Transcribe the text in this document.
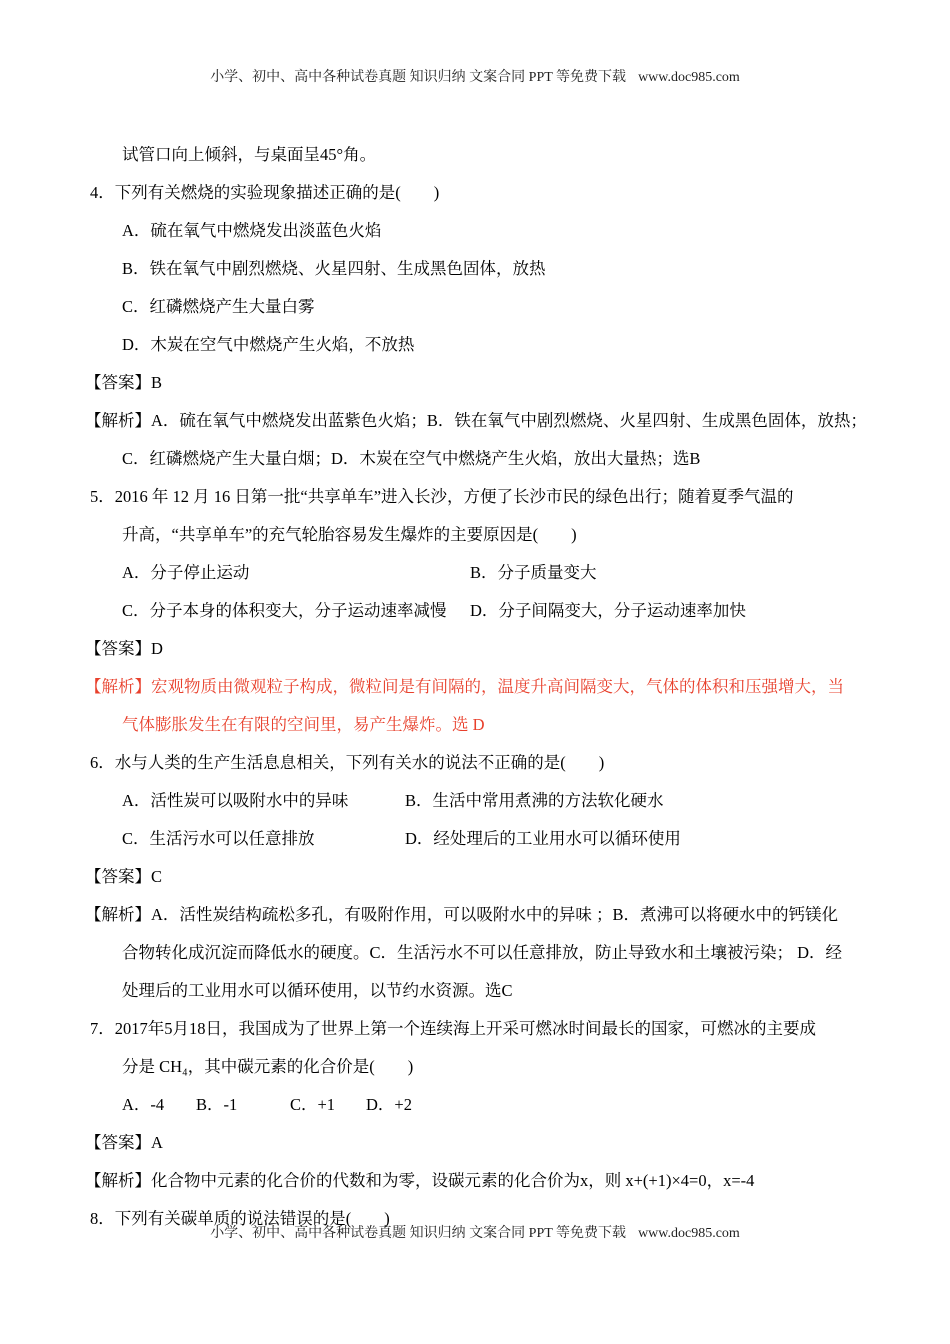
小学、初中、高中各种试卷真题 知识归纳 文案合同 PPT 等免费下载 www.doc985.com
试管口向上倾斜，与桌面呈45°角。
4．下列有关燃烧的实验现象描述正确的是(　　)
A．硫在氧气中燃烧发出淡蓝色火焰
B．铁在氧气中剧烈燃烧、火星四射、生成黑色固体，放热
C．红磷燃烧产生大量白雾
D．木炭在空气中燃烧产生火焰，不放热
【答案】B
【解析】A．硫在氧气中燃烧发出蓝紫色火焰；B．铁在氧气中剧烈燃烧、火星四射、生成黑色固体，放热；
C．红磷燃烧产生大量白烟；D．木炭在空气中燃烧产生火焰，放出大量热；选B
5．2016 年 12 月 16 日第一批“共享单车”进入长沙，方便了长沙市民的绿色出行；随着夏季气温的
升高，“共享单车”的充气轮胎容易发生爆炸的主要原因是(　　)
A．分子停止运动	B．分子质量变大
C．分子本身的体积变大，分子运动速率减慢 D．分子间隔变大，分子运动速率加快
【答案】D
【解析】宏观物质由微观粒子构成，微粒间是有间隔的，温度升高间隔变大，气体的体积和压强增大，当
气体膨胀发生在有限的空间里，易产生爆炸。选 D
6．水与人类的生产生活息息相关，下列有关水的说法不正确的是(　　)
A．活性炭可以吸附水中的异味	B．生活中常用煮沸的方法软化硬水
C．生活污水可以任意排放	D．经处理后的工业用水可以循环使用
【答案】C
【解析】A．活性炭结构疏松多孔，有吸附作用，可以吸附水中的异味 ；B．煮沸可以将硬水中的钙镁化
合物转化成沉淀而降低水的硬度。C．生活污水不可以任意排放，防止导致水和土壤被污染； D．经
处理后的工业用水可以循环使用，以节约水资源。选C
7．2017年5月18日，我国成为了世界上第一个连续海上开采可燃冰时间最长的国家，可燃冰的主要成
分是 CH₄，其中碳元素的化合价是(　　)
A．-4 B．-1	C．+1 D．+2
【答案】A
【解析】化合物中元素的化合价的代数和为零，设碳元素的化合价为x，则 x+(+1)×4=0，x=-4
8．下列有关碳单质的说法错误的是(　　)
小学、初中、高中各种试卷真题 知识归纳 文案合同 PPT 等免费下载 www.doc985.com
